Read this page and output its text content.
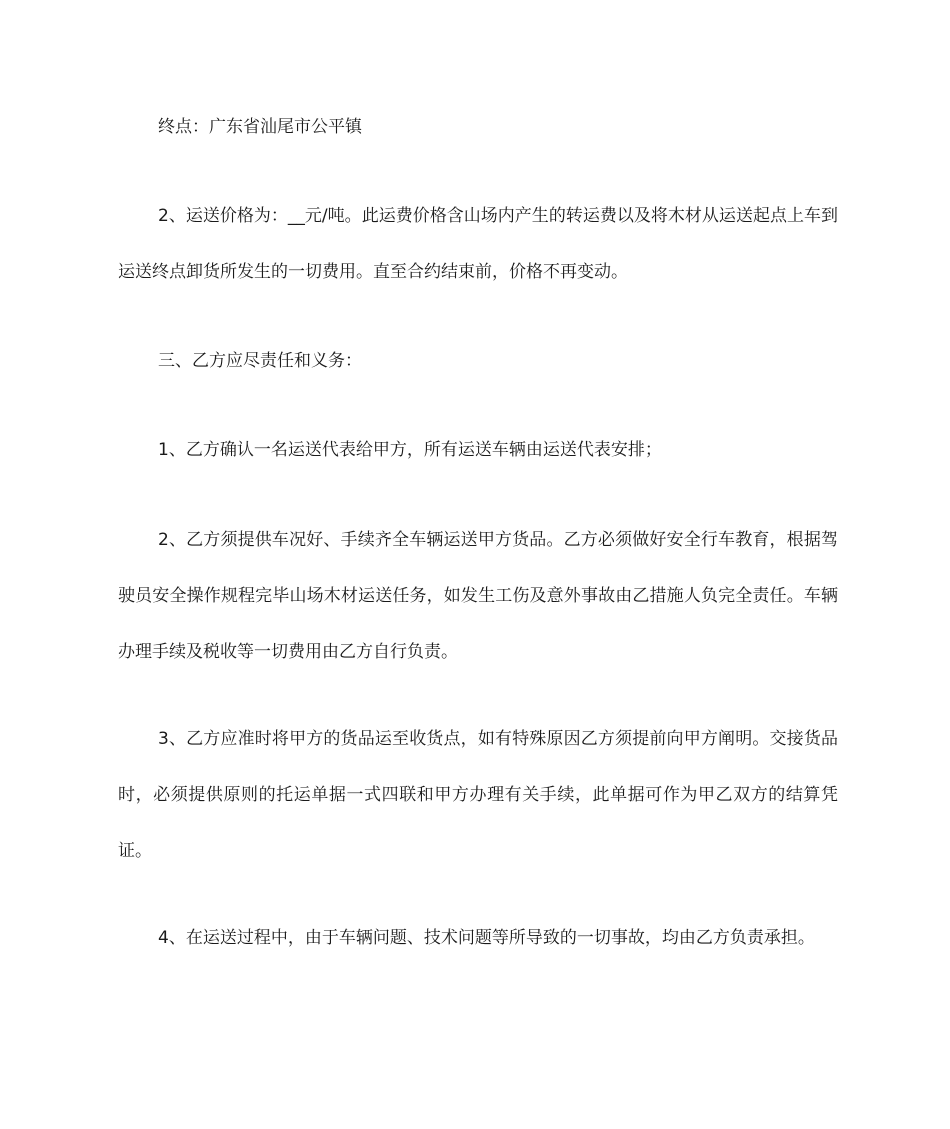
终点：广东省汕尾市公平镇

2、运送价格为：__元/吨。此运费价格含山场内产生的转运费以及将木材从运送起点上车到运送终点卸货所发生的一切费用。直至合约结束前，价格不再变动。

三、乙方应尽责任和义务：

1、乙方确认一名运送代表给甲方，所有运送车辆由运送代表安排；

2、乙方须提供车况好、手续齐全车辆运送甲方货品。乙方必须做好安全行车教育，根据驾驶员安全操作规程完毕山场木材运送任务，如发生工伤及意外事故由乙措施人负完全责任。车辆办理手续及税收等一切费用由乙方自行负责。

3、乙方应准时将甲方的货品运至收货点，如有特殊原因乙方须提前向甲方阐明。交接货品时，必须提供原则的托运单据一式四联和甲方办理有关手续，此单据可作为甲乙双方的结算凭证。

4、在运送过程中，由于车辆问题、技术问题等所导致的一切事故，均由乙方负责承担。
